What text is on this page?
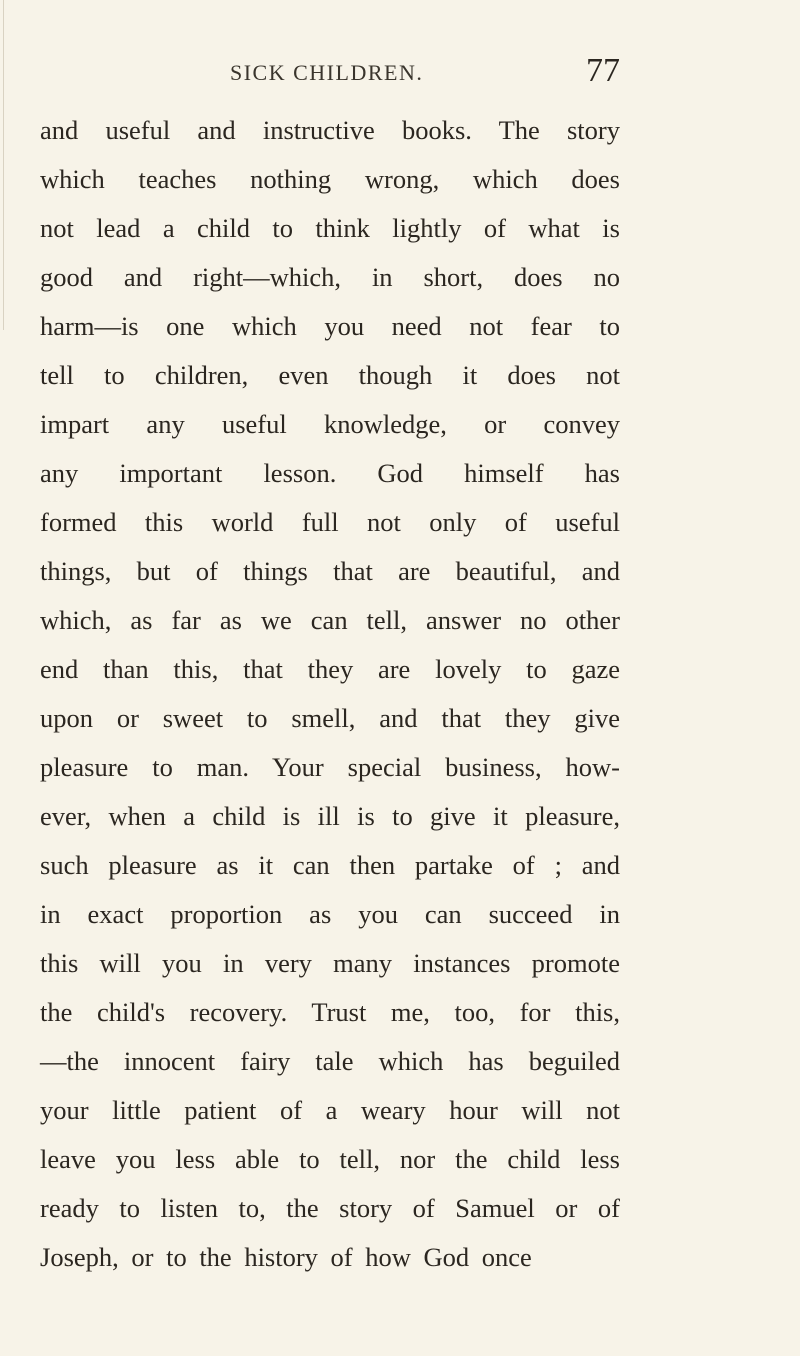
SICK CHILDREN.	77
and useful and instructive books. The story
which teaches nothing wrong, which does
not lead a child to think lightly of what is
good and right—which, in short, does no
harm—is one which you need not fear to
tell to children, even though it does not
impart any useful knowledge, or convey
any important lesson. God himself has
formed this world full not only of useful
things, but of things that are beautiful, and
which, as far as we can tell, answer no other
end than this, that they are lovely to gaze
upon or sweet to smell, and that they give
pleasure to man. Your special business, how-
ever, when a child is ill is to give it pleasure,
such pleasure as it can then partake of ; and
in exact proportion as you can succeed in
this will you in very many instances promote
the child's recovery. Trust me, too, for this,
—the innocent fairy tale which has beguiled
your little patient of a weary hour will not
leave you less able to tell, nor the child less
ready to listen to, the story of Samuel or of
Joseph, or to the history of how God once
